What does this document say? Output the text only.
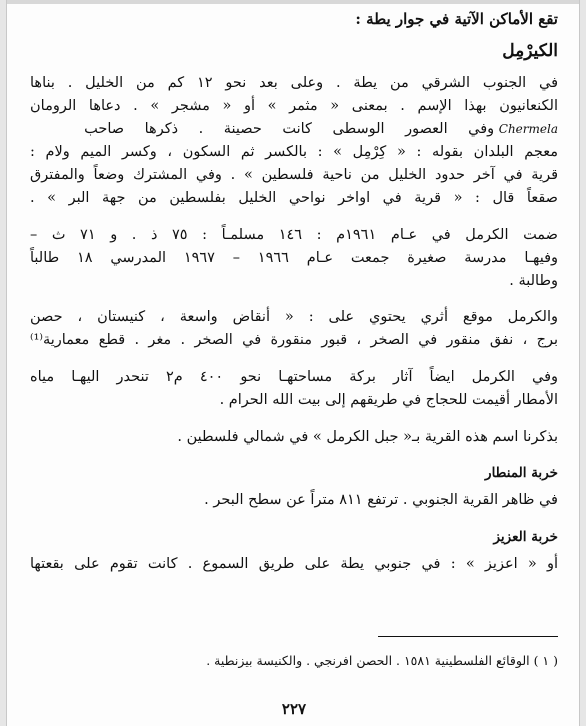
تقع الأماكن الآتية في جوار يطة :
الكيرْمِل
في الجنوب الشرقي من يطة . وعلى بعد نحو ١٢ كم من الخليل . بناها
الكنعانيون بهذا الإسم . بمعنى « مثمر » أو « مشجر » . دعاها الرومان
Chermela وفي العصور الوسطى كانت حصينة . ذكرها صاحب
معجم البلدان بقوله : « كِرْمِل » : بالكسر ثم السكون ، وكسر الميم ولام :
قرية في آخر حدود الخليل من ناحية فلسطين » . وفي المشترك وضعاً والمفترق
صقعاً قال : « قرية في اواخر نواحي الخليل بفلسطين من جهة البر » .
ضمت الكرمل في عـام ١٩٦١م : ١٤٦ مسلمـاً : ٧٥ ذ . و ٧١ ث –
وفيهـا مدرسة صغيرة جمعت عـام ١٩٦٦ – ١٩٦٧ المدرسي ١٨ طالباً
وطالبة .
والكرمل موقع أثري يحتوي على : « أنقاض واسعة ، كنيستان ، حصن
برج ، نفق منقور في الصخر ، قبور منقورة في الصخر . مغر . قطع معمارية⁽¹⁾
وفي الكرمل ايضاً آثار بركة مساحتهـا نحو ٤٠٠ م٢ تنحدر اليهـا مياه
الأمطار أقيمت للحجاج في طريقهم إلى بيت الله الحرام .
بذكرنا اسم هذه القرية بـ« جبل الكرمل » في شمالي فلسطين .
خربة المنطار
في ظاهر القرية الجنوبي . ترتفع ٨١١ متراً عن سطح البحر .
خربة العزيز
أو « اعزيز » : في جنوبي يطة على طريق السموع . كانت تقوم على بقعتها
( ١ ) الوقائع الفلسطينية ١٥٨١ . الحصن افرنجي . والكنيسة بيزنطية .
٢٢٧
